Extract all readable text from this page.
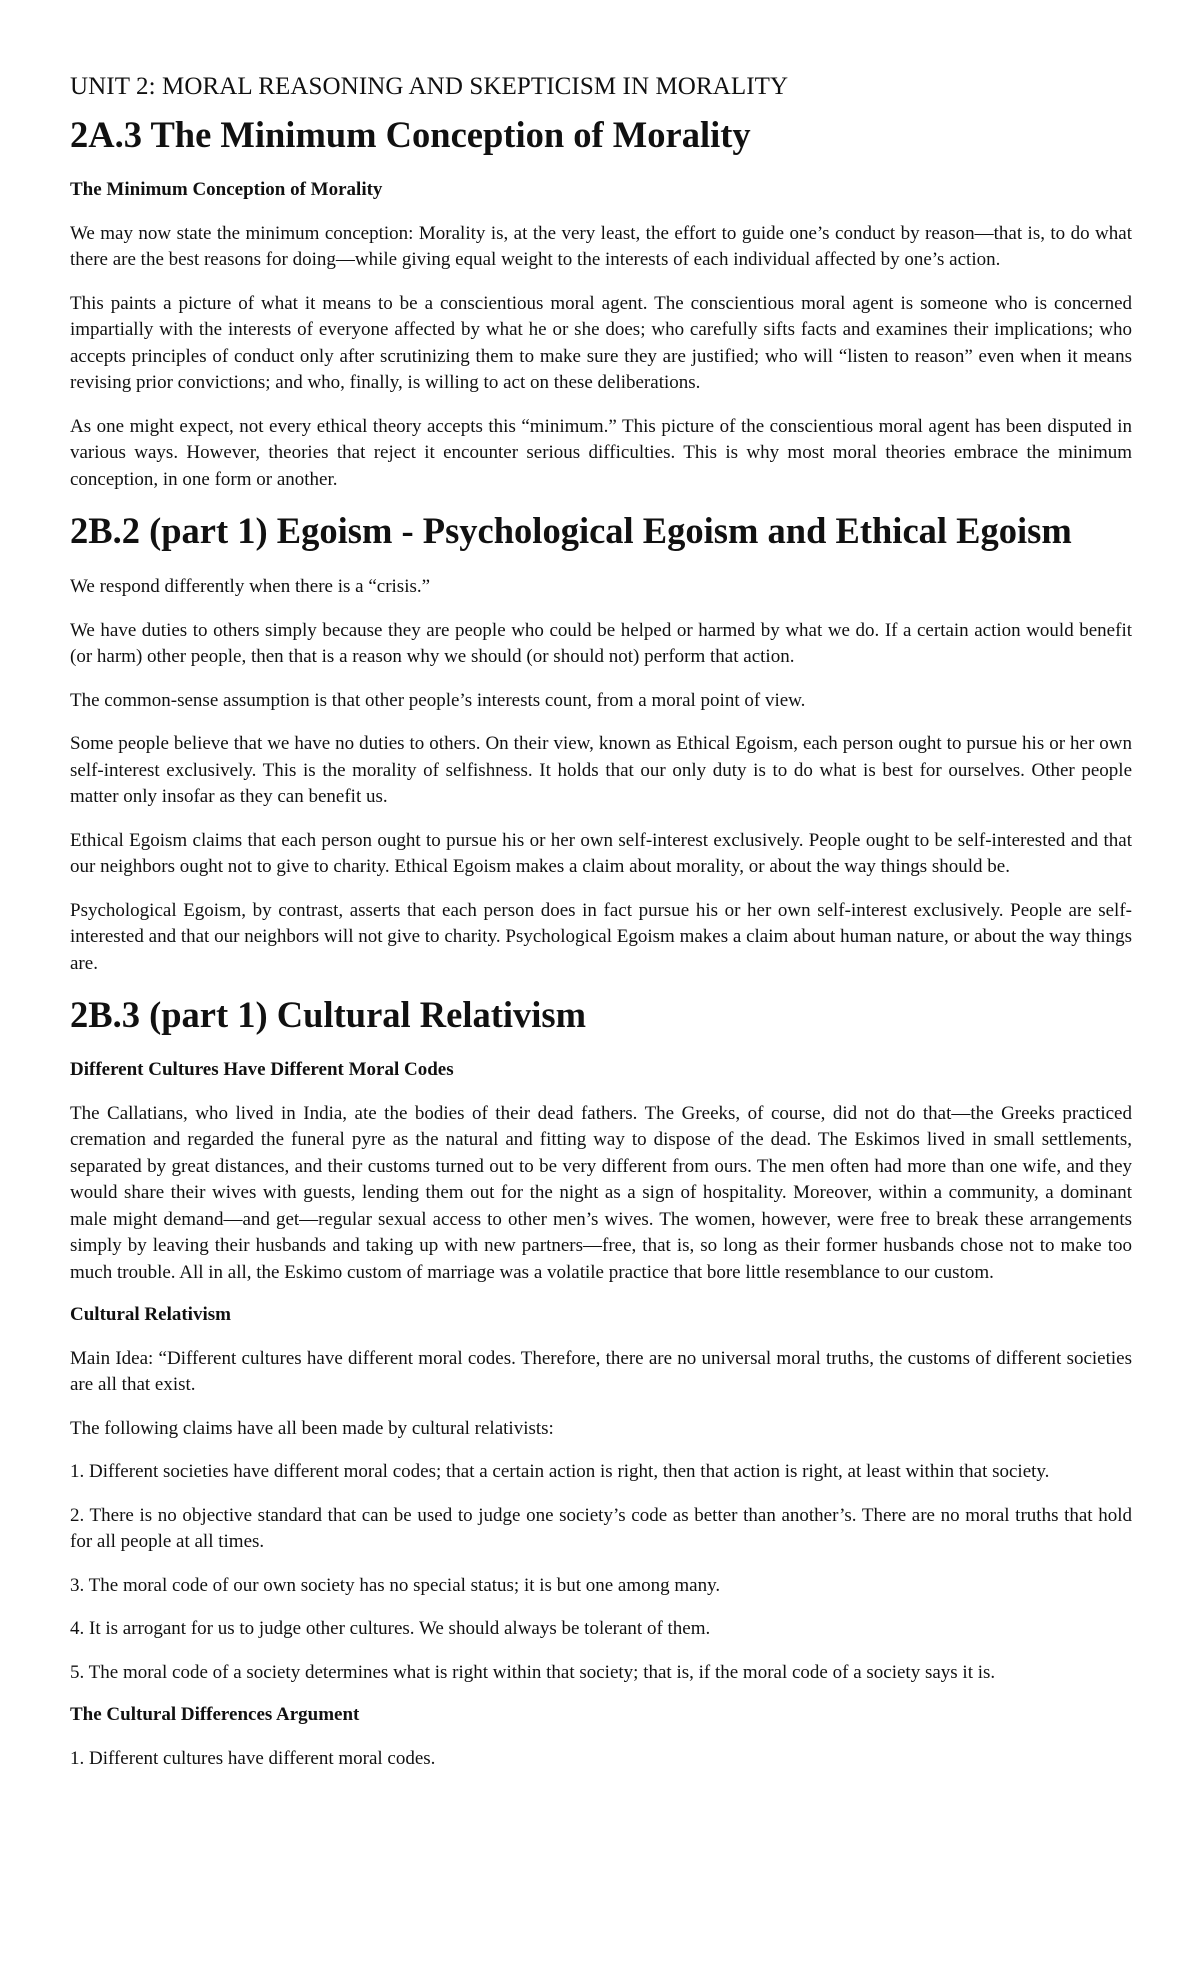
UNIT 2: MORAL REASONING AND SKEPTICISM IN MORALITY
2A.3 The Minimum Conception of Morality
The Minimum Conception of Morality

We may now state the minimum conception: Morality is, at the very least, the effort to guide one’s conduct by reason—that is, to do what there are the best reasons for doing—while giving equal weight to the interests of each individual affected by one’s action.

This paints a picture of what it means to be a conscientious moral agent. The conscientious moral agent is someone who is concerned impartially with the interests of everyone affected by what he or she does; who carefully sifts facts and examines their implications; who accepts principles of conduct only after scrutinizing them to make sure they are justified; who will “listen to reason” even when it means revising prior convictions; and who, finally, is willing to act on these deliberations.

As one might expect, not every ethical theory accepts this “minimum.” This picture of the conscientious moral agent has been disputed in various ways. However, theories that reject it encounter serious difficulties. This is why most moral theories embrace the minimum conception, in one form or another.

2B.2 (part 1) Egoism - Psychological Egoism and Ethical Egoism

We respond differently when there is a “crisis.”

We have duties to others simply because they are people who could be helped or harmed by what we do. If a certain action would benefit (or harm) other people, then that is a reason why we should (or should not) perform that action.

The common-sense assumption is that other people’s interests count, from a moral point of view.

Some people believe that we have no duties to others. On their view, known as Ethical Egoism, each person ought to pursue his or her own self-interest exclusively. This is the morality of selfishness. It holds that our only duty is to do what is best for ourselves. Other people matter only insofar as they can benefit us.

Ethical Egoism claims that each person ought to pursue his or her own self-interest exclusively. People ought to be self-interested and that our neighbors ought not to give to charity. Ethical Egoism makes a claim about morality, or about the way things should be.

Psychological Egoism, by contrast, asserts that each person does in fact pursue his or her own self-interest exclusively. People are self-interested and that our neighbors will not give to charity. Psychological Egoism makes a claim about human nature, or about the way things are.

2B.3 (part 1) Cultural Relativism
Different Cultures Have Different Moral Codes

The Callatians, who lived in India, ate the bodies of their dead fathers. The Greeks, of course, did not do that—the Greeks practiced cremation and regarded the funeral pyre as the natural and fitting way to dispose of the dead. The Eskimos lived in small settlements, separated by great distances, and their customs turned out to be very different from ours. The men often had more than one wife, and they would share their wives with guests, lending them out for the night as a sign of hospitality. Moreover, within a community, a dominant male might demand—and get—regular sexual access to other men’s wives. The women, however, were free to break these arrangements simply by leaving their husbands and taking up with new partners—free, that is, so long as their former husbands chose not to make too much trouble. All in all, the Eskimo custom of marriage was a volatile practice that bore little resemblance to our custom.

Cultural Relativism

Main Idea: “Different cultures have different moral codes. Therefore, there are no universal moral truths, the customs of different societies are all that exist.

The following claims have all been made by cultural relativists:

1. Different societies have different moral codes; that a certain action is right, then that action is right, at least within that society.

2. There is no objective standard that can be used to judge one society’s code as better than another’s. There are no moral truths that hold for all people at all times.

3. The moral code of our own society has no special status; it is but one among many.

4. It is arrogant for us to judge other cultures. We should always be tolerant of them.

5. The moral code of a society determines what is right within that society; that is, if the moral code of a society says it is.

The Cultural Differences Argument

1. Different cultures have different moral codes.
